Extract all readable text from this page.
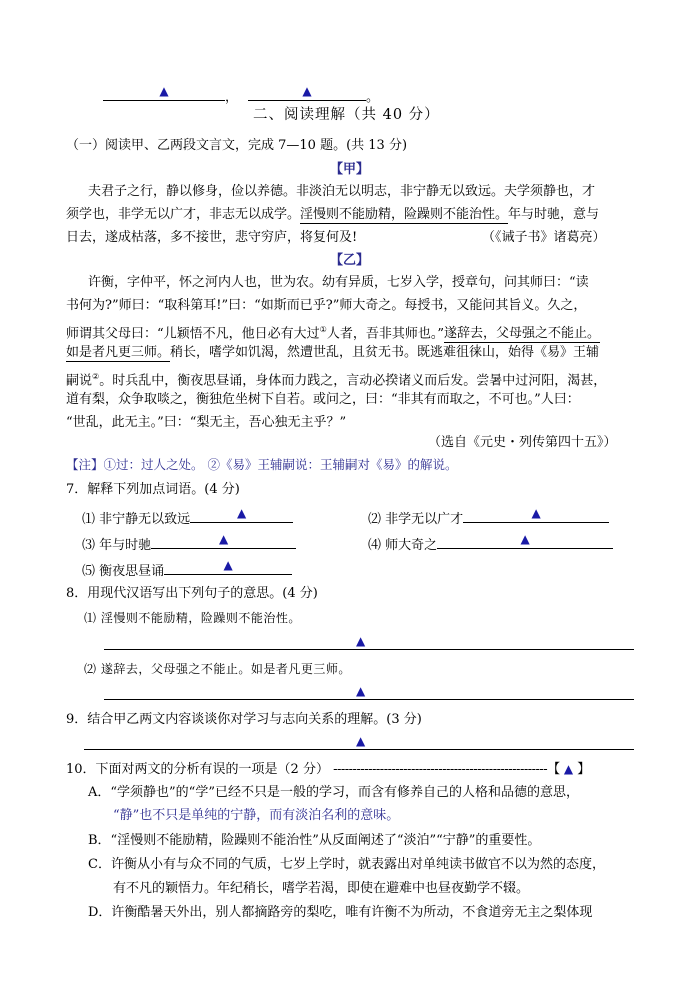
▲	，	▲	。
二、阅读理解（共 40 分）
（一）阅读甲、乙两段文言文，完成 7—10 题。(共 13 分)
【甲】
夫君子之行，静以修身，俭以养德。非淡泊无以明志，非宁静无以致远。夫学须静也，才
须学也，非学无以广才，非志无以成学。淫慢则不能励精，险躁则不能治性。年与时驰，意与
日去，遂成枯落，多不接世，悲守穷庐，将复何及!	（《诫子书》诸葛亮）
【乙】
许衡，字仲平，怀之河内人也，世为农。幼有异质，七岁入学，授章句，问其师曰：“读
书何为?”师曰：“取科第耳!”曰：“如斯而已乎?”师大奇之。每授书，又能问其旨义。久之，
师谓其父母曰：“儿颖悟不凡，他日必有大过①人者，吾非其师也。”遂辞去，父母强之不能止。
如是者凡更三师。稍长，嗜学如饥渴，然遭世乱，且贫无书。既逃难徂徕山，始得《易》王辅
嗣说②。时兵乱中，衡夜思昼诵，身体而力践之，言动必揆诸义而后发。尝暑中过河阳，渴甚，
道有梨，众争取啖之，衡独危坐树下自若。或问之，曰：“非其有而取之，不可也。”人曰：
“世乱，此无主。”曰：“梨无主，吾心独无主乎？”
（选自《元史・列传第四十五》）
【注】①过：过人之处。 ②《易》王辅嗣说：王辅嗣对《易》的解说。
7．解释下列加点词语。(4 分)
⑴ 非宁静无以致远	▲	⑵ 非学无以广才	▲
⑶ 年与时驰	▲	⑷ 师大奇之	▲
⑸ 衡夜思昼诵	▲
8．用现代汉语写出下列句子的意思。(4 分)
⑴ 淫慢则不能励精，险躁则不能治性。
▲
⑵ 遂辞去，父母强之不能止。如是者凡更三师。
▲
9．结合甲乙两文内容谈谈你对学习与志向关系的理解。(3 分)
▲
10．下面对两文的分析有误的一项是（2 分） -------------------------------------------------------【 ▲ 】
A．“学须静也”的“学”已经不只是一般的学习，而含有修养自己的人格和品德的意思，
“静”也不只是单纯的宁静，而有淡泊名利的意味。
B．“淫慢则不能励精，险躁则不能治性”从反面阐述了“淡泊”“宁静”的重要性。
C．许衡从小有与众不同的气质，七岁上学时，就表露出对单纯读书做官不以为然的态度，
有不凡的颖悟力。年纪稍长，嗜学若渴，即使在避难中也昼夜勤学不辍。
D．许衡酷暑天外出，别人都摘路旁的梨吃，唯有许衡不为所动，不食道旁无主之梨体现
